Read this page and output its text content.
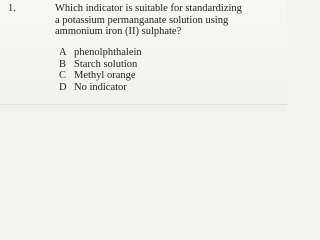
1.	Which indicator is suitable for standardizing
a potassium permanganate solution using
ammonium iron (II) sulphate?
A phenolphthalein
B Starch solution
C Methyl orange
D No indicator
